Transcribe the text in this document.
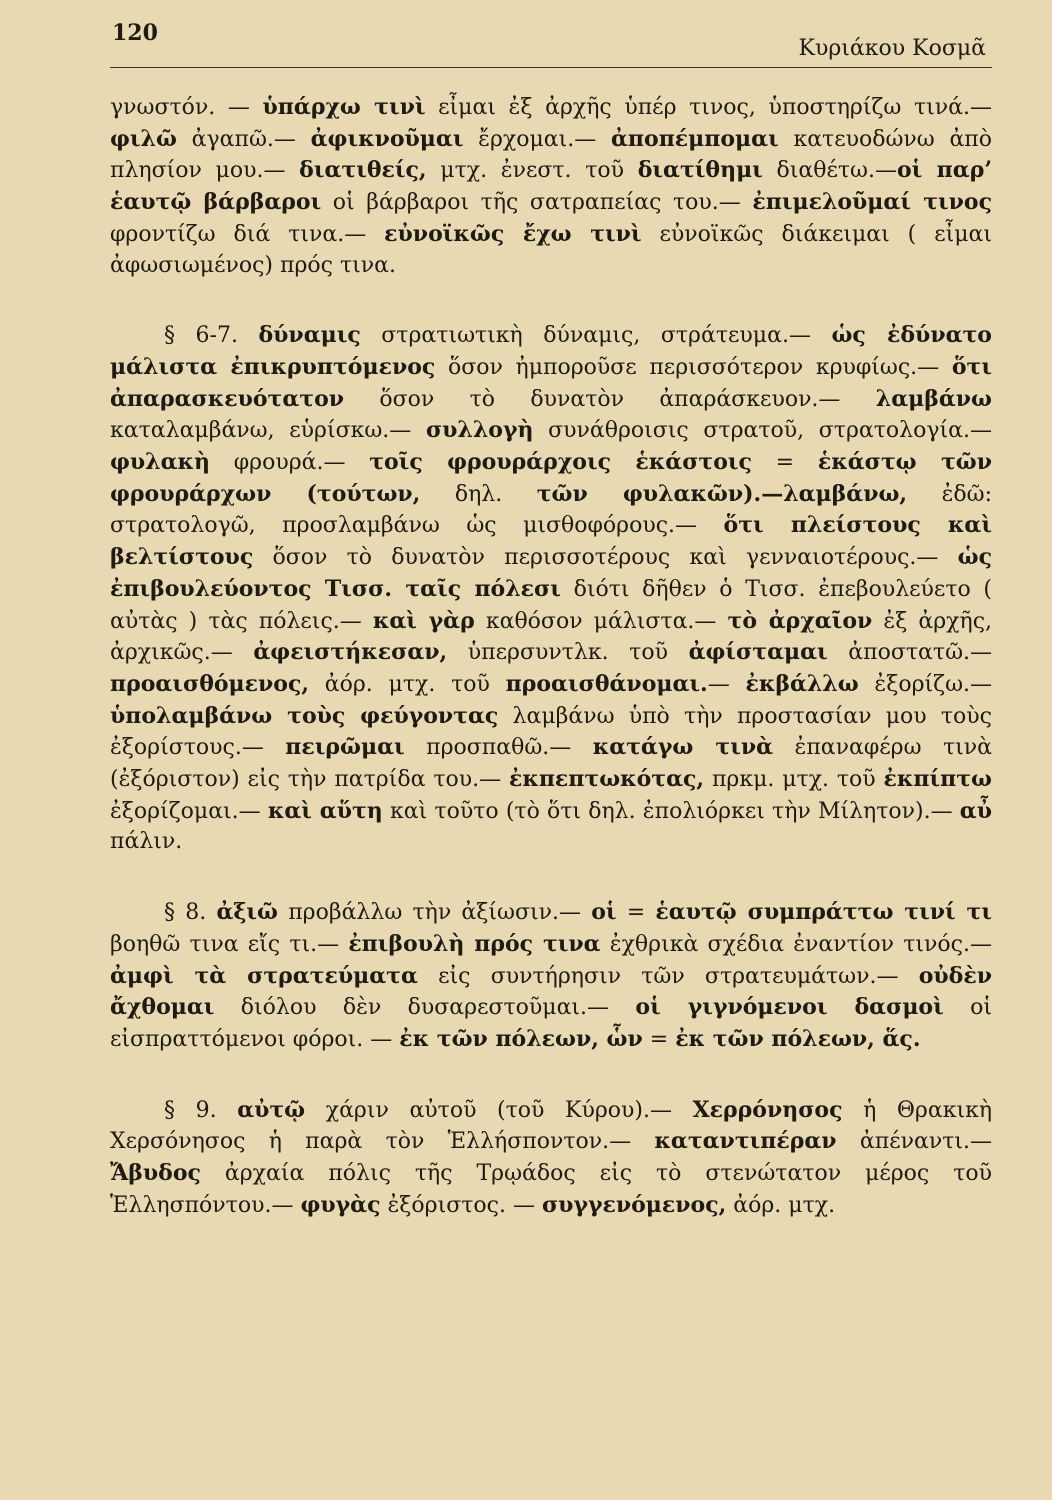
120
Κυριάκου Κοσμᾶ

γνωστόν. — ὑπάρχω τινὶ εἶμαι ἐξ ἀρχῆς ὑπέρ τινος, ὑποστηρίζω τινά.— φιλῶ ἀγαπῶ.— ἀφικνοῦμαι ἔρχομαι.— ἀποπέμπομαι κατευοδώνω ἀπὸ πλησίον μου.— διατιθείς, μτχ. ἐνεστ. τοῦ διατίθημι διαθέτω.—οἱ παρ’ ἑαυτῷ βάρβαροι οἱ βάρβαροι τῆς σατραπείας του.— ἐπιμελοῦμαί τινος φροντίζω διά τινα.— εὐνοϊκῶς ἔχω τινὶ εὐνοϊκῶς διάκειμαι ( εἶμαι ἀφωσιωμένος) πρός τινα.

§ 6-7. δύναμις στρατιωτικὴ δύναμις, στράτευμα.— ὡς ἐδύνατο μάλιστα ἐπικρυπτόμενος ὅσον ἠμποροῦσε περισσότερον κρυφίως.— ὅτι ἀπαρασκευότατον ὅσον τὸ δυνατὸν ἀπαράσκευον.— λαμβάνω καταλαμβάνω, εὑρίσκω.— συλλογὴ συνάθροισις στρατοῦ, στρατολογία.—φυλακὴ φρουρά.— τοῖς φρουράρχοις ἑκάστοις = ἑκάστῳ τῶν φρουράρχων (τούτων, δηλ. τῶν φυλακῶν).—λαμβάνω, ἐδῶ: στρατολογῶ, προσλαμβάνω ὡς μισθοφόρους.— ὅτι πλείστους καὶ βελτίστους ὅσον τὸ δυνατὸν περισσοτέρους καὶ γενναιοτέρους.— ὡς ἐπιβουλεύοντος Τισσ. ταῖς πόλεσι διότι δῆθεν ὁ Τισσ. ἐπεβουλεύετο ( αὐτὰς ) τὰς πόλεις.— καὶ γὰρ καθόσον μάλιστα.— τὸ ἀρχαῖον ἐξ ἀρχῆς, ἀρχικῶς.— ἀφειστήκεσαν, ὑπερσυντλκ. τοῦ ἀφίσταμαι ἀποστατῶ.— προαισθόμενος, ἀόρ. μτχ. τοῦ προαισθάνομαι.— ἐκβάλλω ἐξορίζω.— ὑπολαμβάνω τοὺς φεύγοντας λαμβάνω ὑπὸ τὴν προστασίαν μου τοὺς ἐξορίστους.— πειρῶμαι προσπαθῶ.— κατάγω τινὰ ἐπαναφέρω τινὰ (ἐξόριστον) εἰς τὴν πατρίδα του.— ἐκπεπτωκότας, πρκμ. μτχ. τοῦ ἐκπίπτω ἐξορίζομαι.— καὶ αὕτη καὶ τοῦτο (τὸ ὅτι δηλ. ἐπολιόρκει τὴν Μίλητον).— αὖ πάλιν.

§ 8. ἀξιῶ προβάλλω τὴν ἀξίωσιν.— οἱ = ἑαυτῷ συμπράττω τινί τι βοηθῶ τινα εἴς τι.— ἐπιβουλὴ πρός τινα ἐχθρικὰ σχέδια ἐναντίον τινός.— ἀμφὶ τὰ στρατεύματα εἰς συντήρησιν τῶν στρατευμάτων.— οὐδὲν ἄχθομαι διόλου δὲν δυσαρεστοῦμαι.— οἱ γιγνόμενοι δασμοὶ οἱ εἰσπραττόμενοι φόροι. — ἐκ τῶν πόλεων, ὧν = ἐκ τῶν πόλεων, ἅς.

§ 9. αὐτῷ χάριν αὐτοῦ (τοῦ Κύρου).— Χερρόνησος ἡ Θρακικὴ Χερσόνησος ἡ παρὰ τὸν Ἑλλήσποντον.— καταντιπέραν ἀπέναντι.— Ἄβυδος ἀρχαία πόλις τῆς Τρῳάδος εἰς τὸ στενώτατον μέρος τοῦ Ἑλλησπόντου.— φυγὰς ἐξόριστος. — συγγενόμενος, ἀόρ. μτχ.
